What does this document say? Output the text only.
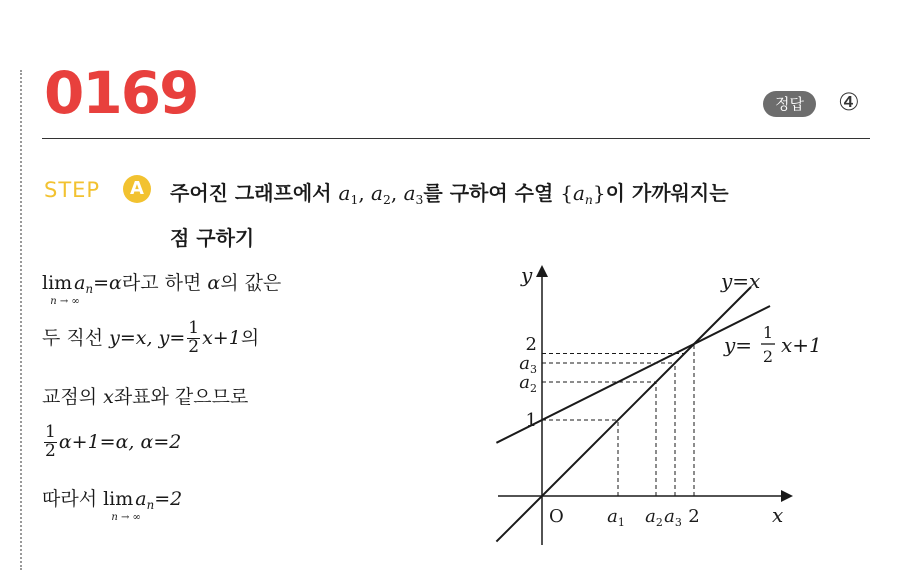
0169	정답	④
STEP	A	주어진 그래프에서 $a_1$, $a_2$, $a_3$를 구하여 수열 $\{a_n\}$이 가까워지는
점 구하기
lim
n → ∞
$a_n=\alpha$라고 하면 α의 값은
두 직선 y=x, $y= \frac{1}{2} x+1$의
교점의 x좌표와 같으므로
$\frac{1}{2} \alpha+1=\alpha$, α=2
따라서 lim
n → ∞
$a_n=2$
y
x
O
y=x
y=
1
2 x+1
2
$a_3$
$a_2$
1
$a_1$ $a_2$ $a_3$ 2
